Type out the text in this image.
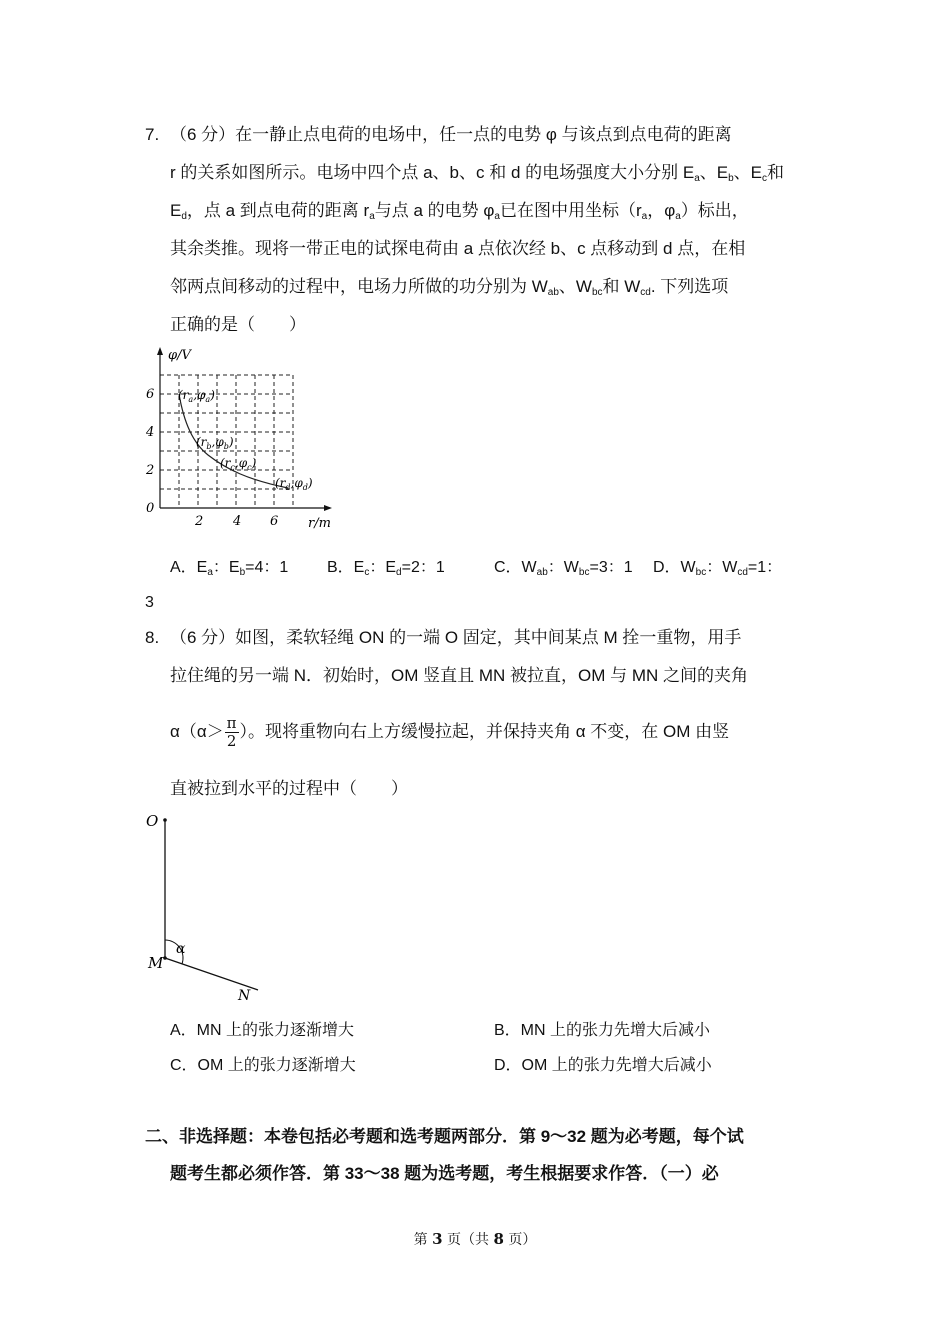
7. （6 分）在一静止点电荷的电场中，任一点的电势 φ 与该点到点电荷的距离
r 的关系如图所示。电场中四个点 a、b、c 和 d 的电场强度大小分别 $E_a$、$E_b$、$E_c$和
$E_d$，点 a 到点电荷的距离 $r_a$与点 a 的电势 $\varphi_a$已在图中用坐标（$r_a$，$\varphi_a$）标出，
其余类推。现将一带正电的试探电荷由 a 点依次经 b、c 点移动到 d 点，在相
邻两点间移动的过程中，电场力所做的功分别为 $W_{ab}$、$W_{bc}$和 $W_{cd}$. 下列选项
正确的是（　　）
φ/V
r/m
0
2
4
6
2 4 6
$(r_a,\varphi_a)$
$(r_b,\varphi_b)$
$(r_c,\varphi_c)$
$(r_d,\varphi_d)$
A．$E_a$：$E_b=4$：1 B．$E_c$：$E_d=2$：1	C．$W_{ab}$：$W_{bc}=3$：1 D．$W_{bc}$：$W_{cd}=1$：
3
8. （6 分）如图，柔软轻绳 ON 的一端 O 固定，其中间某点 M 拴一重物，用手
拉住绳的另一端 N．初始时，OM 竖直且 MN 被拉直，OM 与 MN 之间的夹角
$\alpha(\alpha> \frac{\pi}{2}$ ）。现将重物向右上方缓慢拉起，并保持夹角 α 不变，在 OM 由竖
直被拉到水平的过程中（　　）
O
M
N
α
A．MN 上的张力逐渐增大	B．MN 上的张力先增大后减小
C．OM 上的张力逐渐增大	D．OM 上的张力先增大后减小
二、非选择题：本卷包括必考题和选考题两部分．第 9～32 题为必考题，每个试
题考生都必须作答．第 33～38 题为选考题，考生根据要求作答．（一）必
第 3 页（共 8 页）
